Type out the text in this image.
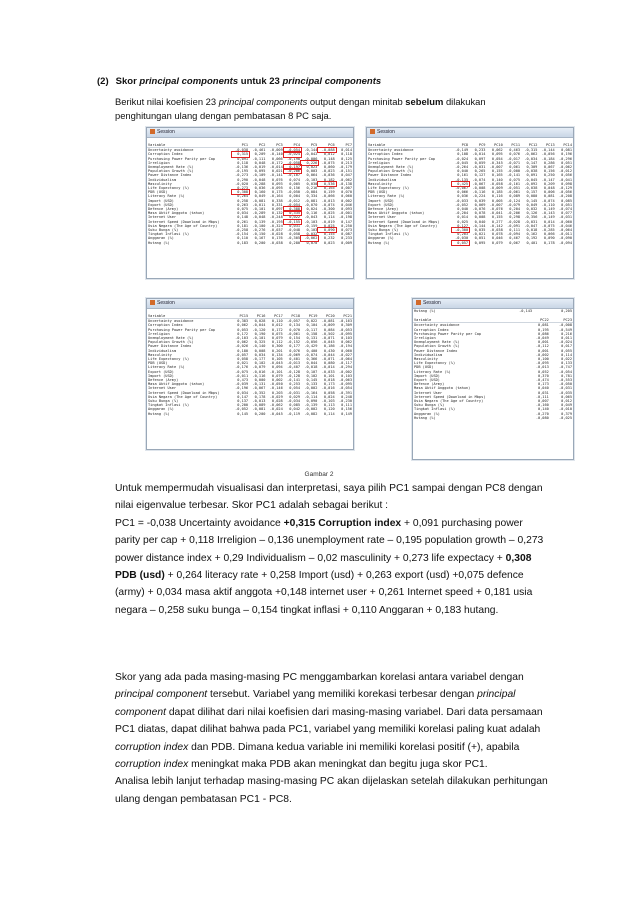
(2) Skor principal components untuk 23 principal components
Berikut nilai koefisien 23 principal components output dengan minitab sebelum dilakukan penghitungan ulang dengan pembatasan 8 PC saja.
Session
Variable	PC1	PC2	PC3	PC4	PC5	PC6	PC7
Uncertainty avoidance	-0,038	-0,461	-0,009	-0,054	-0,144	-0,088	0,014
Corruption Index	0,315	0,209	-0,140	-0,024	-0,042	0,012	0,118
Purchasing Power Parity per Cap	0,091	-0,111	0,066	-0,198	-0,006	0,148	0,125
Irreligion	0,118	0,048	-0,172	-0,058	0,226	-0,075	0,213
Unemployment Rate (%)	-0,136	-0,019	-0,014	0,197	0,023	0,060	-0,179
Population Growth (%)	-0,195	0,095	0,021	-0,206	0,003	-0,023	-0,151
Power Distance Index	-0,273	-0,109	-0,141	-0,107	0,064	-0,036	0,047
Individualism	0,290	-0,048	0,076	0,074	-0,103	0,182	-0,062
Masculinity	-0,020	-0,288	0,093	0,005	0,030	0,536	-0,138
Life Expectancy (%)	0,273	0,036	-0,095	0,156	0,216	0,165	0,007
PDB (USD)	0,308	0,160	0,175	-0,050	-0,084	0,159	0,070
Literacy Rate (%)	0,264	0,049	-0,164	0,004	0,334	-0,066	0,060
Import (USD)	0,258	-0,081	0,338	-0,012	-0,081	-0,013	0,002
Export (USD)	0,263	-0,011	0,331	-0,054	-0,070	-0,074	0,046
Defence (Army)	0,075	-0,101	0,097	0,388	0,024	-0,300	0,093
Masa Aktif Anggota (tahun)	0,034	-0,289	0,132	0,335	0,116	-0,025	-0,001
Internet User	0,148	-0,048	-0,248	0,022	-0,043	0,114	-0,198
Internet Speed (Download in Mbps)	0,261	0,139	-0,195	-0,155	-0,103	-0,019	0,147
Usia Negara (The Age of Country)	0,181	-0,100	-0,324	0,031	-0,159	0,025	0,250
Suku Bunga (%)	-0,258	-0,276	-0,037	-0,048	0,103	0,090	0,073
Tingkat Inflasi (%)	-0,154	-0,150	-0,028	0,058	0,032	0,155	0,087
Anggaran (%)	0,110	0,167	0,176	-0,305	-0,062	0,232	0,233
Hutang (%)	0,183	0,200	-0,038	0,280	0,070	0,023	0,009
Session
Variable	PC8	PC9	PC10	PC11	PC12	PC13	PC14
Uncertainty avoidance	-0,149	0,233	0,062	0,463	-0,315	-0,144	0,081
Corruption Index	0,108	-0,014	0,095	0,076	-0,062	-0,056	0,196
Purchasing Power Parity per Cap	-0,024	0,097	0,054	-0,017	-0,034	-0,184	-0,296
Irreligion	-0,045	0,059	-0,345	-0,071	0,147	0,286	0,051
Unemployment Rate (%)	-0,264	-0,031	-0,007	0,061	0,309	0,067	-0,062
Population Growth (%)	0,040	0,265	0,155	-0,000	-0,038	0,156	-0,012
Power Distance Index	0,161	0,127	0,165	-0,141	0,091	0,250	0,056
Individualism	-0,135	-0,074	0,140	0,075	-0,045	-0,147	-0,041
Masculinity	0,425	-0,067	-0,058	-0,161	-0,092	0,209	0,098
Life Expectancy (%)	-0,067	-0,008	-0,009	-0,051	-0,038	0,048	-0,129
PDB (USD)	0,066	-0,116	0,185	-0,061	0,157	0,006	-0,056
Literacy Rate (%)	0,036	-0,224	0,116	0,089	0,080	0,081	-0,208
Import (USD)	-0,033	0,039	0,005	-0,124	0,145	-0,074	0,085
Export (USD)	-0,052	0,069	-0,007	-0,079	0,049	-0,110	0,051
Defence (Army)	0,040	-0,076	-0,076	0,204	0,032	0,149	-0,074
Masa Aktif Anggota (tahun)	-0,204	0,078	-0,041	-0,206	0,126	-0,143	0,077
Internet User	0,014	0,008	0,155	0,298	-0,356	-0,149	-0,031
Internet Speed (Download in Mbps)	0,025	0,040	0,277	-0,028	-0,031	0,014	-0,060
Usia Negara (The Age of Country)	0,127	-0,144	-0,142	-0,091	-0,047	-0,075	-0,046
Suku Bunga (%)	-0,300	0,035	-0,038	0,111	0,018	-0,285	-0,064
Tingkat Inflasi (%)	0,203	-0,021	0,078	-0,094	0,162	0,066	-0,011
Anggaran (%)	-0,030	0,051	0,046	0,467	0,192	0,090	-0,090
Hutang (%)	0,057	0,095	0,079	0,067	0,401	0,178	-0,094
Session
Variable	PC15	PC16	PC17	PC18	PC19	PC20	PC21
Uncertainty avoidance	0,383	0,028	0,110	-0,057	0,022	-0,081	-0,163
Corruption Index	0,062	-0,044	0,012	0,134	0,104	-0,009	0,309
Purchasing Power Parity per Cap	0,053	-0,120	0,172	0,070	-0,117	0,084	-0,053
Irreligion	0,172	0,190	0,075	-0,061	0,158	-0,502	-0,095
Unemployment Rate (%)	-0,103	-0,101	0,079	0,154	0,131	-0,071	0,103
Population Growth (%)	0,062	0,325	0,112	-0,152	-0,056	-0,045	0,062
Power Distance Index	-0,026	-0,140	0,300	0,177	-0,429	0,186	-0,194
Individualism	0,180	0,008	0,201	0,076	0,400	0,430	0,060
Masculinity	-0,057	0,034	0,134	-0,069	-0,074	-0,044	-0,027
Life Expectancy (%)	0,058	-0,177	0,105	0,401	0,366	-0,071	-0,064
PDB (USD)	0,021	0,102	-0,045	-0,013	0,044	0,080	-0,117
Literacy Rate (%)	-0,176	-0,079	0,094	-0,407	-0,018	-0,014	-0,294
Export (USD)	-0,075	-0,016	-0,101	-0,128	0,107	-0,033	-0,002
Import (USD)	-0,011	-0,116	0,079	-0,128	0,102	0,101	0,103
Defence (Army)	0,473	0,000	0,002	-0,141	0,145	0,018	-0,063
Masa Aktif Anggota (tahun)	-0,039	-0,131	-0,050	0,253	0,133	0,173	-0,095
Internet User	-0,196	-0,067	-0,146	0,054	-0,002	-0,016	-0,054
Internet Speed (Download in Mbps)	0,034	-0,352	0,203	-0,031	-0,164	0,058	-0,391
Usia Negara (The Age of Country)	0,147	0,178	-0,029	0,029	-0,114	0,024	0,248
Suku Bunga (%)	0,137	-0,013	0,028	-0,034	0,090	-0,103	-0,230
Tingkat Inflasi (%)	0,200	-0,089	-0,062	0,085	-0,139	0,113	0,111
Anggaran (%)	-0,052	-0,081	-0,024	0,042	-0,002	0,120	0,156
Hutang (%)	0,145	0,200	-0,045	-0,119	-0,082	0,114	0,149
Session
Hutang (%)	-0,143	0,205
Variable	PC22	PC23
Uncertainty avoidance	0,081	-0,008
Corruption Index	0,195	-0,549
Purchasing Power Parity per Cap	0,086	0,216
Irreligion	-0,049	0,011
Unemployment Rate (%)	0,001	-0,024
Population Growth (%)	-0,112	0,017
Power Distance Index	0,001	0,055
Individualism	-0,002	0,114
Masculinity	0,100	0,022
Life Expectancy (%)	-0,095	0,133
PDB (USD)	-0,013	-0,747
Literacy Rate (%)	0,052	-0,054
Import (USD)	0,370	0,781
Export (USD)	-0,474	-0,553
Defence (Army)	0,173	-0,050
Masa Aktif Anggota (tahun)	0,040	-0,031
Internet User	0,031	-0,035
Internet Speed (Download in Mbps)	-0,111	0,065
Usia Negara (The Age of Country)	0,007	0,012
Suku Bunga (%)	-0,160	0,049
Tingkat Inflasi (%)	0,140	-0,010
Anggaran (%)	-0,270	0,379
Hutang (%)	-0,080	-0,025
Gambar 2
Untuk mempermudah visualisasi dan interpretasi, saya pilih PC1 sampai dengan PC8 dengan nilai eigenvalue terbesar. Skor PC1 adalah sebagai berikut :
PC1 = -0,038 Uncertainty avoidance +0,315 Corruption index + 0,091 purchasing power parity per cap + 0,118 Irreligion – 0,136 unemployment rate – 0,195 population growth – 0,273 power distance index + 0,29 Individualism – 0,02 masculinity + 0,273 life expectacy + 0,308 PDB (usd) + 0,264 literacy rate + 0,258 Import (usd) + 0,263 export (usd) +0,075 defence (army) + 0,034 masa aktif anggota +0,148 internet user + 0,261 Internet speed + 0,181 usia negara – 0,258 suku bunga – 0,154 tingkat inflasi + 0,110 Anggaran + 0,183 hutang.
Skor yang ada pada masing-masing PC menggambarkan korelasi antara variabel dengan principal component tersebut. Variabel yang memiliki korekasi terbesar dengan principal component dapat dilihat dari nilai koefisien dari masing-masing variabel. Dari data persamaan PC1 diatas, dapat dilihat bahwa pada PC1, variabel yang memiliki korelasi paling kuat adalah corruption index dan PDB. Dimana kedua variable ini memiliki korelasi positif (+), apabila corruption index meningkat maka PDB akan meningkat dan begitu juga skor PC1.
Analisa lebih lanjut terhadap masing-masing PC akan dijelaskan setelah dilakukan perhitungan ulang dengan pembatasan PC1 - PC8.
